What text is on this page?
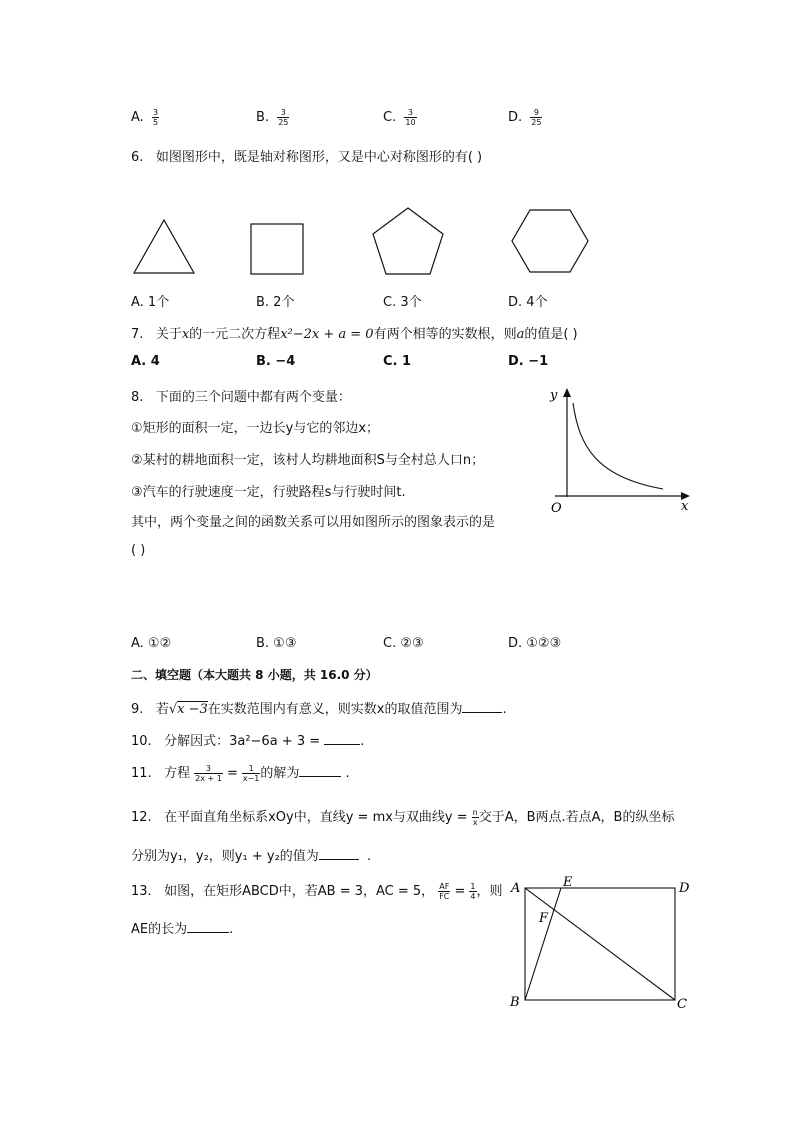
A. $\frac{3}{5}$	B. $\frac{3}{25}$	C. $\frac{3}{10}$	D. $\frac{9}{25}$
6. 如图图形中，既是轴对称图形，又是中心对称图形的有( )
A. 1个	B. 2个	C. 3个	D. 4个
7. 关于x的一元二次方程x²−2x + a = 0有两个相等的实数根，则a的值是( )
A. 4	B. −4	C. 1	D. −1
8. 下面的三个问题中都有两个变量：
①矩形的面积一定，一边长y与它的邻边x；
②某村的耕地面积一定，该村人均耕地面积S与全村总人口n；
③汽车的行驶速度一定，行驶路程s与行驶时间t.
其中，两个变量之间的函数关系可以用如图所示的图象表示的是
( )
y
x
O
A. ①②	B. ①③	C. ②③	D. ①②③
二、填空题（本大题共 8 小题，共 16.0 分）
9. 若√x −3在实数范围内有意义，则实数x的取值范围为	.
10. 分解因式：3a²−6a + 3 =	.
11. 方程 $\frac{3}{2x + 1} = \frac{1}{x-1}$ 的解为	.
12. 在平面直角坐标系xOy中，直线y = mx与双曲线$y = \frac{n}{x}$ 交于A，B两点.若点A，B的纵坐标
分别为y₁，y₂，则y₁ + y₂的值为	.
13. 如图，在矩形ABCD中，若AB = 3，AC = 5， $\frac{AF}{FC} = \frac{1}{4}$ ，则
AE的长为	.
A	E	D
F
B	C
